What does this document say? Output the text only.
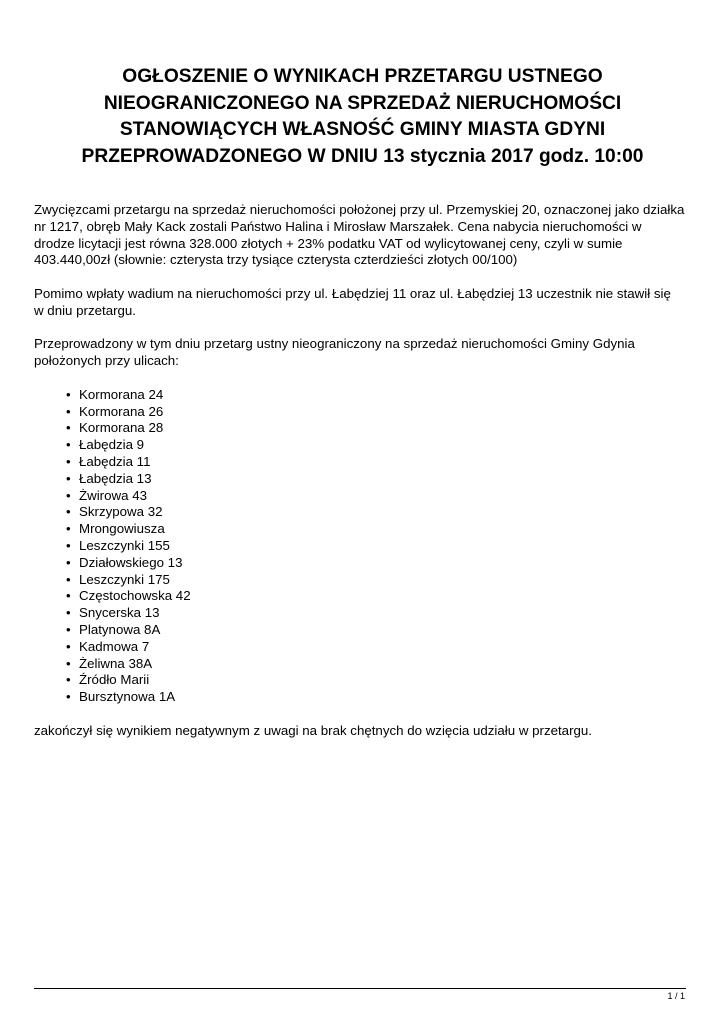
OGŁOSZENIE O WYNIKACH PRZETARGU USTNEGO
NIEOGRANICZONEGO NA SPRZEDAŻ NIERUCHOMOŚCI
STANOWIĄCYCH WŁASNOŚĆ GMINY MIASTA GDYNI
PRZEPROWADZONEGO W DNIU 13 stycznia 2017 godz. 10:00

Zwycięzcami przetargu na sprzedaż nieruchomości położonej przy ul. Przemyskiej 20, oznaczonej jako działka
nr 1217, obręb Mały Kack zostali Państwo Halina i Mirosław Marszałek. Cena nabycia nieruchomości w
drodze licytacji jest równa 328.000 złotych + 23% podatku VAT od wylicytowanej ceny, czyli w sumie
403.440,00zł (słownie: czterysta trzy tysiące czterysta czterdzieści złotych 00/100)

Pomimo wpłaty wadium na nieruchomości przy ul. Łabędziej 11 oraz ul. Łabędziej 13 uczestnik nie stawił się
w dniu przetargu.

Przeprowadzony w tym dniu przetarg ustny nieograniczony na sprzedaż nieruchomości Gminy Gdynia
położonych przy ulicach:

• Kormorana 24
• Kormorana 26
• Kormorana 28
• Łabędzia 9
• Łabędzia 11
• Łabędzia 13
• Żwirowa 43
• Skrzypowa 32
• Mrongowiusza
• Leszczynki 155
• Działowskiego 13
• Leszczynki 175
• Częstochowska 42
• Snycerska 13
• Platynowa 8A
• Kadmowa 7
• Żeliwna 38A
• Źródło Marii
• Bursztynowa 1A

zakończył się wynikiem negatywnym z uwagi na brak chętnych do wzięcia udziału w przetargu.

1 / 1
